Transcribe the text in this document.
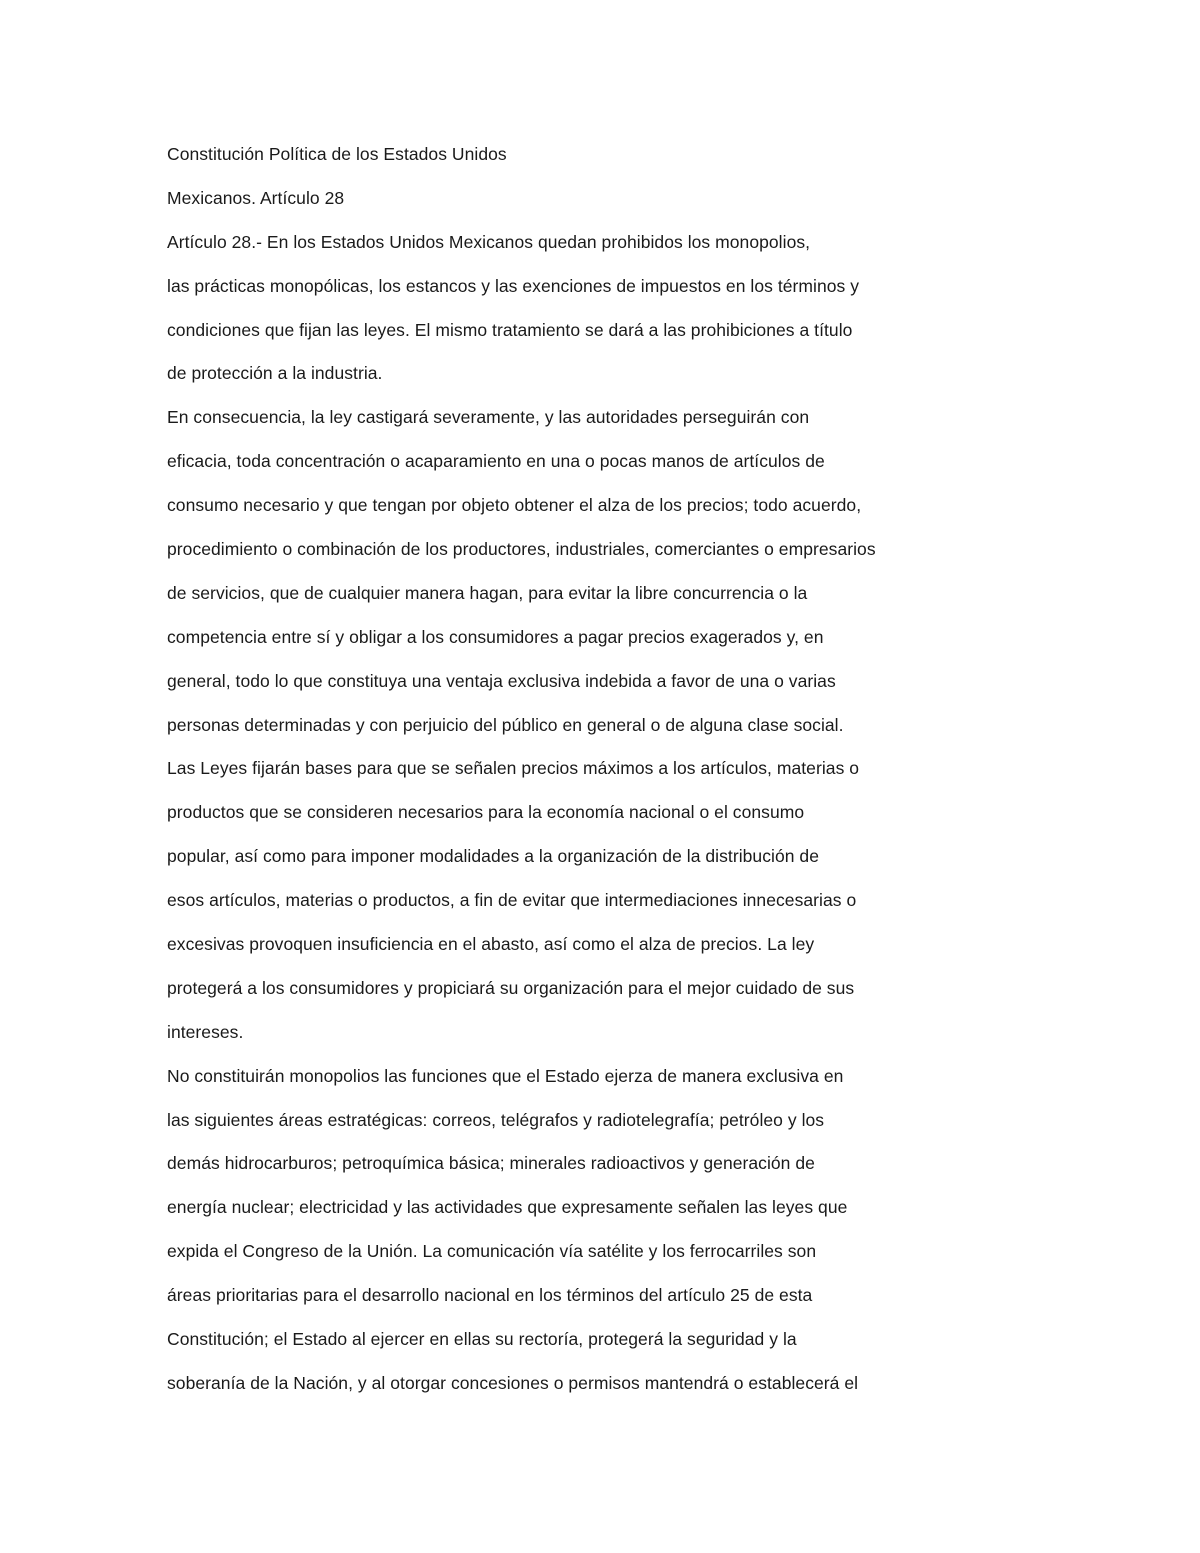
Constitución Política de los Estados Unidos
Mexicanos. Artículo 28
Artículo 28.- En los Estados Unidos Mexicanos quedan prohibidos los monopolios,
las prácticas monopólicas, los estancos y las exenciones de impuestos en los términos y
condiciones que fijan las leyes. El mismo tratamiento se dará a las prohibiciones a título
de protección a la industria.
En consecuencia, la ley castigará severamente, y las autoridades perseguirán con
eficacia, toda concentración o acaparamiento en una o pocas manos de artículos de
consumo necesario y que tengan por objeto obtener el alza de los precios; todo acuerdo,
procedimiento o combinación de los productores, industriales, comerciantes o empresarios
de servicios, que de cualquier manera hagan, para evitar la libre concurrencia o la
competencia entre sí y obligar a los consumidores a pagar precios exagerados y, en
general, todo lo que constituya una ventaja exclusiva indebida a favor de una o varias
personas determinadas y con perjuicio del público en general o de alguna clase social.
Las Leyes fijarán bases para que se señalen precios máximos a los artículos, materias o
productos que se consideren necesarios para la economía nacional o el consumo
popular, así como para imponer modalidades a la organización de la distribución de
esos artículos, materias o productos, a fin de evitar que intermediaciones innecesarias o
excesivas provoquen insuficiencia en el abasto, así como el alza de precios. La ley
protegerá a los consumidores y propiciará su organización para el mejor cuidado de sus
intereses.
No constituirán monopolios las funciones que el Estado ejerza de manera exclusiva en
las siguientes áreas estratégicas: correos, telégrafos y radiotelegrafía; petróleo y los
demás hidrocarburos; petroquímica básica; minerales radioactivos y generación de
energía nuclear; electricidad y las actividades que expresamente señalen las leyes que
expida el Congreso de la Unión. La comunicación vía satélite y los ferrocarriles son
áreas prioritarias para el desarrollo nacional en los términos del artículo 25 de esta
Constitución; el Estado al ejercer en ellas su rectoría, protegerá la seguridad y la
soberanía de la Nación, y al otorgar concesiones o permisos mantendrá o establecerá el
